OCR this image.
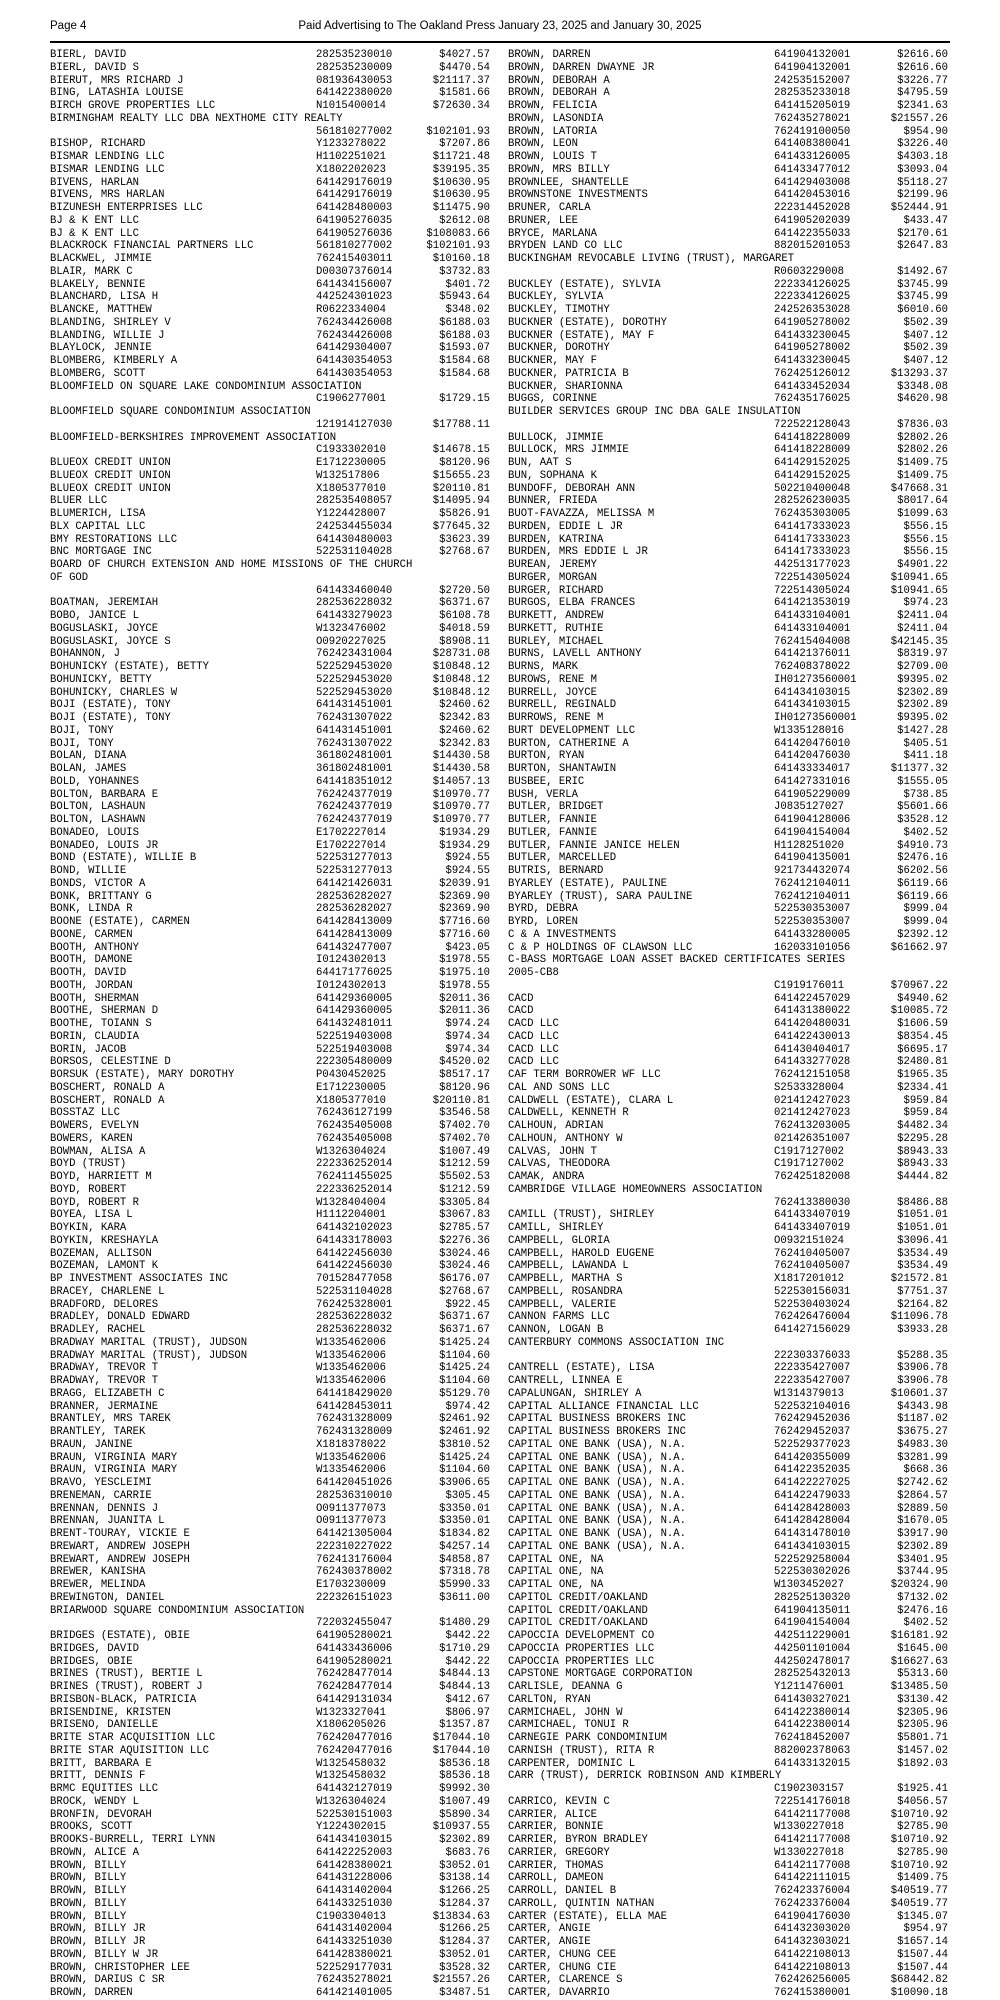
Page 4	Paid Advertising to The Oakland Press January 23, 2025 and January 30, 2025
BIERL, DAVID	282535230010	$4027.57
BIERL, DAVID S	282535230009	$4470.54
BIERUT, MRS RICHARD J	081936430053	$21117.37
BING, LATASHIA LOUISE	641422380020	$1581.66
BIRCH GROVE PROPERTIES LLC	N1015400014	$72630.34
BIRMINGHAM REALTY LLC DBA NEXTHOME CITY REALTY
561810277002	$102101.93
BISHOP, RICHARD	Y1233278022	$7207.86
BISMAR LENDING LLC	H1102251021	$11721.48
BISMAR LENDING LLC	X1802202023	$39195.35
BIVENS, HARLAN	641429176019	$10630.95
BIVENS, MRS HARLAN	641429176019	$10630.95
BIZUNESH ENTERPRISES LLC	641428480003	$11475.90
BJ & K ENT LLC	641905276035	$2612.08
BJ & K ENT LLC	641905276036	$108083.66
BLACKROCK FINANCIAL PARTNERS LLC	561810277002	$102101.93
BLACKWEL, JIMMIE	762415403011	$10160.18
BLAIR, MARK C	D00307376014	$3732.83
BLAKELY, BENNIE	641434156007	$401.72
BLANCHARD, LISA H	442524301023	$5943.64
BLANCKE, MATTHEW	R0622334004	$348.02
BLANDING, SHIRLEY V	762434426008	$6188.03
BLANDING, WILLIE J	762434426008	$6188.03
BLAYLOCK, JENNIE	641429304007	$1593.07
BLOMBERG, KIMBERLY A	641430354053	$1584.68
BLOMBERG, SCOTT	641430354053	$1584.68
BLOOMFIELD ON SQUARE LAKE CONDOMINIUM ASSOCIATION
C1906277001	$1729.15
BLOOMFIELD SQUARE CONDOMINIUM ASSOCIATION
121914127030	$17788.11
BLOOMFIELD-BERKSHIRES IMPROVEMENT ASSOCIATION
C1933302010	$14678.15
BLUEOX CREDIT UNION	E1712230005	$8120.96
BLUEOX CREDIT UNION	W132517806	$15655.23
BLUEOX CREDIT UNION	X1805377010	$20110.81
BLUER LLC	282535408057	$14095.94
BLUMERICH, LISA	Y1224428007	$5826.91
BLX CAPITAL LLC	242534455034	$77645.32
BMY RESTORATIONS LLC	641430480003	$3623.39
BNC MORTGAGE INC	522531104028	$2768.67
BOARD OF CHURCH EXTENSION AND HOME MISSIONS OF THE CHURCH
OF GOD
641433460040	$2720.50
BOATMAN, JEREMIAH	282536228032	$6371.67
BOBO, JANICE L	641433279023	$6108.78
BOGUSLASKI, JOYCE	W1323476002	$4018.59
BOGUSLASKI, JOYCE S	O0920227025	$8908.11
BOHANNON, J	762423431004	$28731.08
BOHUNICKY (ESTATE), BETTY	522529453020	$10848.12
BOHUNICKY, BETTY	522529453020	$10848.12
BOHUNICKY, CHARLES W	522529453020	$10848.12
BOJI (ESTATE), TONY	641431451001	$2460.62
BOJI (ESTATE), TONY	762431307022	$2342.83
BOJI, TONY	641431451001	$2460.62
BOJI, TONY	762431307022	$2342.83
BOLAN, DIANA	361802481001	$14430.58
BOLAN, JAMES	361802481001	$14430.58
BOLD, YOHANNES	641418351012	$14057.13
BOLTON, BARBARA E	762424377019	$10970.77
BOLTON, LASHAUN	762424377019	$10970.77
BOLTON, LASHAWN	762424377019	$10970.77
BONADEO, LOUIS	E1702227014	$1934.29
BONADEO, LOUIS JR	E1702227014	$1934.29
BOND (ESTATE), WILLIE B	522531277013	$924.55
BOND, WILLIE	522531277013	$924.55
BONDS, VICTOR A	641421426031	$2039.91
BONK, BRITTANY G	282536282027	$2369.90
BONK, LINDA R	282536282027	$2369.90
BOONE (ESTATE), CARMEN	641428413009	$7716.60
BOONE, CARMEN	641428413009	$7716.60
BOOTH, ANTHONY	641432477007	$423.05
BOOTH, DAMONE	I0124302013	$1978.55
BOOTH, DAVID	644171776025	$1975.10
BOOTH, JORDAN	I0124302013	$1978.55
BOOTH, SHERMAN	641429360005	$2011.36
BOOTHE, SHERMAN D	641429360005	$2011.36
BOOTHE, TOIANN S	641432481011	$974.24
BORIN, CLAUDIA	522519403008	$974.34
BORIN, JACOB	522519403008	$974.34
BORSOS, CELESTINE D	222305480009	$4520.02
BORSUK (ESTATE), MARY DOROTHY	P0430452025	$8517.17
BOSCHERT, RONALD A	E1712230005	$8120.96
BOSCHERT, RONALD A	X1805377010	$20110.81
BOSSTAZ LLC	762436127199	$3546.58
BOWERS, EVELYN	762435405008	$7402.70
BOWERS, KAREN	762435405008	$7402.70
BOWMAN, ALISA A	W1326304024	$1007.49
BOYD (TRUST)	222336252014	$1212.59
BOYD, HARRIETT M	762411455025	$5502.53
BOYD, ROBERT	222336252014	$1212.59
BOYD, ROBERT R	W1328404004	$3305.84
BOYEA, LISA L	H1112204001	$3067.83
BOYKIN, KARA	641432102023	$2785.57
BOYKIN, KRESHAYLA	641433178003	$2276.36
BOZEMAN, ALLISON	641422456030	$3024.46
BOZEMAN, LAMONT K	641422456030	$3024.46
BP INVESTMENT ASSOCIATES INC	701528477058	$6176.07
BRACEY, CHARLENE L	522531104028	$2768.67
BRADFORD, DELORES	762425328001	$922.45
BRADLEY, DONALD EDWARD	282536228032	$6371.67
BRADLEY, RACHEL	282536228032	$6371.67
BRADWAY MARITAL (TRUST), JUDSON	W1335462006	$1425.24
BRADWAY MARITAL (TRUST), JUDSON	W1335462006	$1104.60
BRADWAY, TREVOR T	W1335462006	$1425.24
BRADWAY, TREVOR T	W1335462006	$1104.60
BRAGG, ELIZABETH C	641418429020	$5129.70
BRANNER, JERMAINE	641428453011	$974.42
BRANTLEY, MRS TAREK	762431328009	$2461.92
BRANTLEY, TAREK	762431328009	$2461.92
BRAUN, JANINE	X1818378022	$3810.52
BRAUN, VIRGINIA MARY	W1335462006	$1425.24
BRAUN, VIRGINIA MARY	W1335462006	$1104.60
BRAVO, YESCLEIMI	641420451026	$3906.65
BRENEMAN, CARRIE	282536310010	$305.45
BRENNAN, DENNIS J	O0911377073	$3350.01
BRENNAN, JUANITA L	O0911377073	$3350.01
BRENT-TOURAY, VICKIE E	641421305004	$1834.82
BREWART, ANDREW JOSEPH	222310227022	$4257.14
BREWART, ANDREW JOSEPH	762413176004	$4858.87
BREWER, KANISHA	762430378002	$7318.78
BREWER, MELINDA	E1703230009	$5990.33
BREWINGTON, DANIEL	222326151023	$3611.00
BRIARWOOD SQUARE CONDOMINIUM ASSOCIATION
722032455047	$1480.29
BRIDGES (ESTATE), OBIE	641905280021	$442.22
BRIDGES, DAVID	641433436006	$1710.29
BRIDGES, OBIE	641905280021	$442.22
BRINES (TRUST), BERTIE L	762428477014	$4844.13
BRINES (TRUST), ROBERT J	762428477014	$4844.13
BRISBON-BLACK, PATRICIA	641429131034	$412.67
BRISENDINE, KRISTEN	W1323327041	$806.97
BRISENO, DANIELLE	X1806205026	$1357.87
BRITE STAR ACQUISITION LLC	762420477016	$17044.10
BRITE STAR AQUISITION LLC	762420477016	$17044.10
BRITT, BARBARA E	W1325458032	$8536.18
BRITT, DENNIS F	W1325458032	$8536.18
BRMC EQUITIES LLC	641432127019	$9992.30
BROCK, WENDY L	W1326304024	$1007.49
BRONFIN, DEVORAH	522530151003	$5890.34
BROOKS, SCOTT	Y1224302015	$10937.55
BROOKS-BURRELL, TERRI LYNN	641434103015	$2302.89
BROWN, ALICE A	641422252003	$683.76
BROWN, BILLY	641428380021	$3052.01
BROWN, BILLY	641431228006	$3138.14
BROWN, BILLY	641431402004	$1266.25
BROWN, BILLY	641433251030	$1284.37
BROWN, BILLY	C1903304013	$13834.63
BROWN, BILLY JR	641431402004	$1266.25
BROWN, BILLY JR	641433251030	$1284.37
BROWN, BILLY W JR	641428380021	$3052.01
BROWN, CHRISTOPHER LEE	522529177031	$3528.32
BROWN, DARIUS C SR	762435278021	$21557.26
BROWN, DARREN	641421401005	$3487.51
BROWN, DARREN	641904132001	$2616.60
BROWN, DARREN DWAYNE JR	641904132001	$2616.60
BROWN, DEBORAH A	242535152007	$3226.77
BROWN, DEBORAH A	282535233018	$4795.59
BROWN, FELICIA	641415205019	$2341.63
BROWN, LASONDIA	762435278021	$21557.26
BROWN, LATORIA	762419100050	$954.90
BROWN, LEON	641408380041	$3226.40
BROWN, LOUIS T	641433126005	$4303.18
BROWN, MRS BILLY	641433477012	$3093.04
BROWNLEE, SHANTELLE	641429403008	$5118.27
BROWNSTONE INVESTMENTS	641420453016	$2199.96
BRUNER, CARLA	222314452028	$52444.91
BRUNER, LEE	641905202039	$433.47
BRYCE, MARLANA	641422355033	$2170.61
BRYDEN LAND CO LLC	882015201053	$2647.83
BUCKINGHAM REVOCABLE LIVING (TRUST), MARGARET
R0603229008	$1492.67
BUCKLEY (ESTATE), SYLVIA	222334126025	$3745.99
BUCKLEY, SYLVIA	222334126025	$3745.99
BUCKLEY, TIMOTHY	242526353028	$6010.60
BUCKNER (ESTATE), DOROTHY	641905278002	$502.39
BUCKNER (ESTATE), MAY F	641433230045	$407.12
BUCKNER, DOROTHY	641905278002	$502.39
BUCKNER, MAY F	641433230045	$407.12
BUCKNER, PATRICIA B	762425126012	$13293.37
BUCKNER, SHARIONNA	641433452034	$3348.08
BUGGS, CORINNE	762435176025	$4620.98
BUILDER SERVICES GROUP INC DBA GALE INSULATION
722522128043	$7836.03
BULLOCK, JIMMIE	641418228009	$2802.26
BULLOCK, MRS JIMMIE	641418228009	$2802.26
BUN, AAT S	641429152025	$1409.75
BUN, SOPHANA K	641429152025	$1409.75
BUNDOFF, DEBORAH ANN	502210400048	$47668.31
BUNNER, FRIEDA	282526230035	$8017.64
BUOT-FAVAZZA, MELISSA M	762435303005	$1099.63
BURDEN, EDDIE L JR	641417333023	$556.15
BURDEN, KATRINA	641417333023	$556.15
BURDEN, MRS EDDIE L JR	641417333023	$556.15
BUREAN, JEREMY	442513177023	$4901.22
BURGER, MORGAN	722514305024	$10941.65
BURGER, RICHARD	722514305024	$10941.65
BURGOS, ELBA FRANCES	641421353019	$974.23
BURKETT, ANDREW	641433104001	$2411.04
BURKETT, RUTHIE	641433104001	$2411.04
BURLEY, MICHAEL	762415404008	$42145.35
BURNS, LAVELL ANTHONY	641421376011	$8319.97
BURNS, MARK	762408378022	$2709.00
BUROWS, RENE M	IH01273560001	$9395.02
BURRELL, JOYCE	641434103015	$2302.89
BURRELL, REGINALD	641434103015	$2302.89
BURROWS, RENE M	IH01273560001	$9395.02
BURT DEVELOPMENT LLC	W1335128016	$1427.28
BURTON, CATHERINE A	641420476010	$405.51
BURTON, RYAN	641420476030	$411.18
BURTON, SHANTAWIN	641433334017	$11377.32
BUSBEE, ERIC	641427331016	$1555.05
BUSH, VERLA	641905229009	$738.85
BUTLER, BRIDGET	J0835127027	$5601.66
BUTLER, FANNIE	641904128006	$3528.12
BUTLER, FANNIE	641904154004	$402.52
BUTLER, FANNIE JANICE HELEN	H1128251020	$4910.73
BUTLER, MARCELLED	641904135001	$2476.16
BUTRIS, BERNARD	921734432074	$6202.56
BYARLEY (ESTATE), PAULINE	762412104011	$6119.66
BYARLEY (TRUST), SARA PAULINE	762412104011	$6119.66
BYRD, DEBRA	522530353007	$999.04
BYRD, LOREN	522530353007	$999.04
C & A INVESTMENTS	641433280005	$2392.12
C & P HOLDINGS OF CLAWSON LLC	162033101056	$61662.97
C-BASS MORTGAGE LOAN ASSET BACKED CERTIFICATES SERIES
2005-CB8
C1919176011	$70967.22
CACD	641422457029	$4940.62
CACD	641431380022	$10085.72
CACD LLC	641420480031	$1606.59
CACD LLC	641422430013	$8354.45
CACD LLC	641430404017	$6695.17
CACD LLC	641433277028	$2480.81
CAF TERM BORROWER WF LLC	762412151058	$1965.35
CAL AND SONS LLC	S2533328004	$2334.41
CALDWELL (ESTATE), CLARA L	021412427023	$959.84
CALDWELL, KENNETH R	021412427023	$959.84
CALHOUN, ADRIAN	762413203005	$4482.34
CALHOUN, ANTHONY W	021426351007	$2295.28
CALVAS, JOHN T	C1917127002	$8943.33
CALVAS, THEODORA	C1917127002	$8943.33
CAMAK, ANDRA	762425182008	$4444.82
CAMBRIDGE VILLAGE HOMEOWNERS ASSOCIATION
762413380030	$8486.88
CAMILL (TRUST), SHIRLEY	641433407019	$1051.01
CAMILL, SHIRLEY	641433407019	$1051.01
CAMPBELL, GLORIA	O0932151024	$3096.41
CAMPBELL, HAROLD EUGENE	762410405007	$3534.49
CAMPBELL, LAWANDA L	762410405007	$3534.49
CAMPBELL, MARTHA S	X1817201012	$21572.81
CAMPBELL, ROSANDRA	522530156031	$7751.37
CAMPBELL, VALERIE	522530403024	$2164.82
CANNON FARMS LLC	762426476004	$11096.78
CANNON, LOGAN B	641427156029	$3933.28
CANTERBURY COMMONS ASSOCIATION INC
222303376033	$5288.35
CANTRELL (ESTATE), LISA	222335427007	$3906.78
CANTRELL, LINNEA E	222335427007	$3906.78
CAPALUNGAN, SHIRLEY A	W1314379013	$10601.37
CAPITAL ALLIANCE FINANCIAL LLC	522532104016	$4343.98
CAPITAL BUSINESS BROKERS INC	762429452036	$1187.02
CAPITAL BUSINESS BROKERS INC	762429452037	$3675.27
CAPITAL ONE BANK (USA), N.A.	522529377023	$4983.30
CAPITAL ONE BANK (USA), N.A.	641420355009	$3281.99
CAPITAL ONE BANK (USA), N.A.	641422352035	$668.36
CAPITAL ONE BANK (USA), N.A.	641422227025	$2742.62
CAPITAL ONE BANK (USA), N.A.	641422479033	$2864.57
CAPITAL ONE BANK (USA), N.A.	641428428003	$2889.50
CAPITAL ONE BANK (USA), N.A.	641428428004	$1670.05
CAPITAL ONE BANK (USA), N.A.	641431478010	$3917.90
CAPITAL ONE BANK (USA), N.A.	641434103015	$2302.89
CAPITAL ONE, NA	522529258004	$3401.95
CAPITAL ONE, NA	522530302026	$3744.95
CAPITAL ONE, NA	W1303452027	$20324.90
CAPITOL CREDIT/OAKLAND	282525130320	$7132.02
CAPITOL CREDIT/OAKLAND	641904135011	$2476.16
CAPITOL CREDIT/OAKLAND	641904154004	$402.52
CAPOCCIA DEVELOPMENT CO	442511229001	$16181.92
CAPOCCIA PROPERTIES LLC	442501101004	$1645.00
CAPOCCIA PROPERTIES LLC	442502478017	$16627.63
CAPSTONE MORTGAGE CORPORATION	282525432013	$5313.60
CARLISLE, DEANNA G	Y1211476001	$13485.50
CARLTON, RYAN	641430327021	$3130.42
CARMICHAEL, JOHN W	641422380014	$2305.96
CARMICHAEL, TONUI R	641422380014	$2305.96
CARNEGIE PARK CONDOMINIUM	762418452007	$5801.71
CARNISH (TRUST), RITA R	882002378063	$1457.02
CARPENTER, DOMINIC L	641433132015	$1892.03
CARR (TRUST), DERRICK ROBINSON AND KIMBERLY
C1902303157	$1925.41
CARRICO, KEVIN C	722514176018	$4056.57
CARRIER, ALICE	641421177008	$10710.92
CARRIER, BONNIE	W1330227018	$2785.90
CARRIER, BYRON BRADLEY	641421177008	$10710.92
CARRIER, GREGORY	W1330227018	$2785.90
CARRIER, THOMAS	641421177008	$10710.92
CARROLL, DAMEON	641422111015	$1409.75
CARROLL, DANIEL B	762423376004	$40519.77
CARROLL, QUINTIN NATHAN	762423376004	$40519.77
CARTER (ESTATE), ELLA MAE	641904176030	$1345.07
CARTER, ANGIE	641432303020	$954.97
CARTER, ANGIE	641432303021	$1657.14
CARTER, CHUNG CEE	641422108013	$1507.44
CARTER, CHUNG CIE	641422108013	$1507.44
CARTER, CLARENCE S	762426256005	$68442.82
CARTER, DAVARRIO	762415380001	$10090.18
